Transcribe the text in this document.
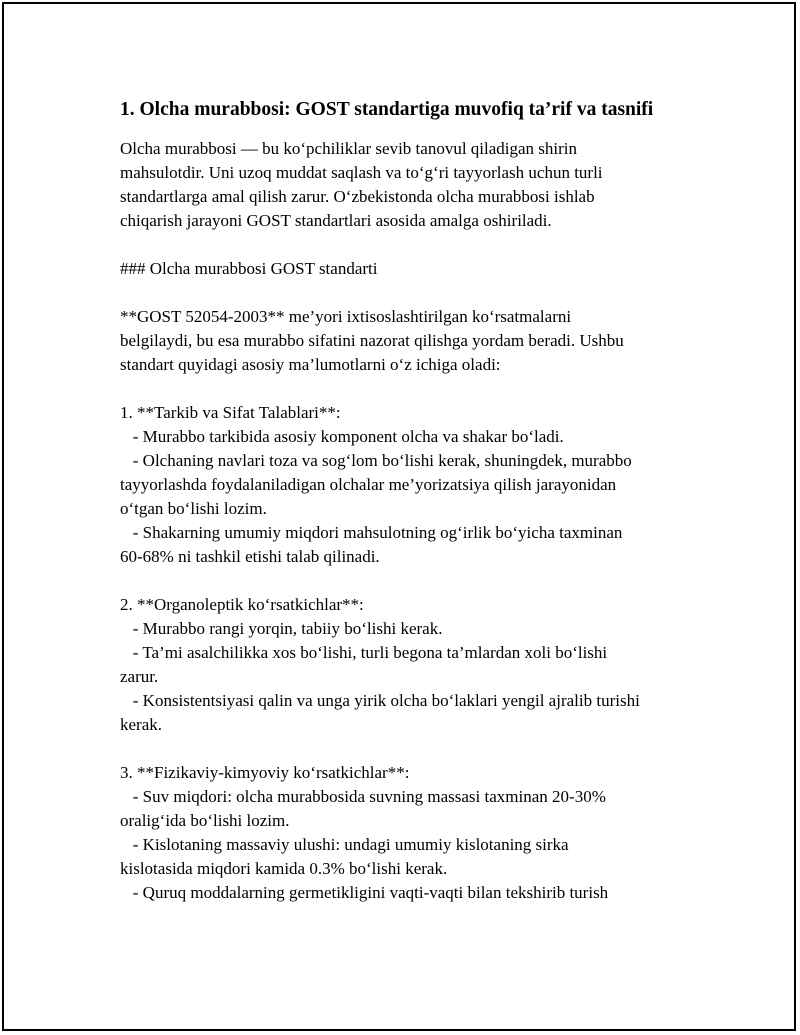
1. Olcha murabbosi: GOST standartiga muvofiq ta’rif va tasnifi

Olcha murabbosi — bu ko‘pchiliklar sevib tanovul qiladigan shirin
mahsulotdir. Uni uzoq muddat saqlash va to‘g‘ri tayyorlash uchun turli
standartlarga amal qilish zarur. O‘zbekistonda olcha murabbosi ishlab
chiqarish jarayoni GOST standartlari asosida amalga oshiriladi.

### Olcha murabbosi GOST standarti

**GOST 52054-2003** me’yori ixtisoslashtirilgan ko‘rsatmalarni
belgilaydi, bu esa murabbo sifatini nazorat qilishga yordam beradi. Ushbu
standart quyidagi asosiy ma’lumotlarni o‘z ichiga oladi:

1. **Tarkib va Sifat Talablari**:
- Murabbo tarkibida asosiy komponent olcha va shakar bo‘ladi.
- Olchaning navlari toza va sog‘lom bo‘lishi kerak, shuningdek, murabbo
tayyorlashda foydalaniladigan olchalar me’yorizatsiya qilish jarayonidan
o‘tgan bo‘lishi lozim.
- Shakarning umumiy miqdori mahsulotning og‘irlik bo‘yicha taxminan
60-68% ni tashkil etishi talab qilinadi.

2. **Organoleptik ko‘rsatkichlar**:
- Murabbo rangi yorqin, tabiiy bo‘lishi kerak.
- Ta’mi asalchilikka xos bo‘lishi, turli begona ta’mlardan xoli bo‘lishi
zarur.
- Konsistentsiyasi qalin va unga yirik olcha bo‘laklari yengil ajralib turishi
kerak.

3. **Fizikaviy-kimyoviy ko‘rsatkichlar**:
- Suv miqdori: olcha murabbosida suvning massasi taxminan 20-30%
oralig‘ida bo‘lishi lozim.
- Kislotaning massaviy ulushi: undagi umumiy kislotaning sirka
kislotasida miqdori kamida 0.3% bo‘lishi kerak.
- Quruq moddalarning germetikligini vaqti-vaqti bilan tekshirib turish
